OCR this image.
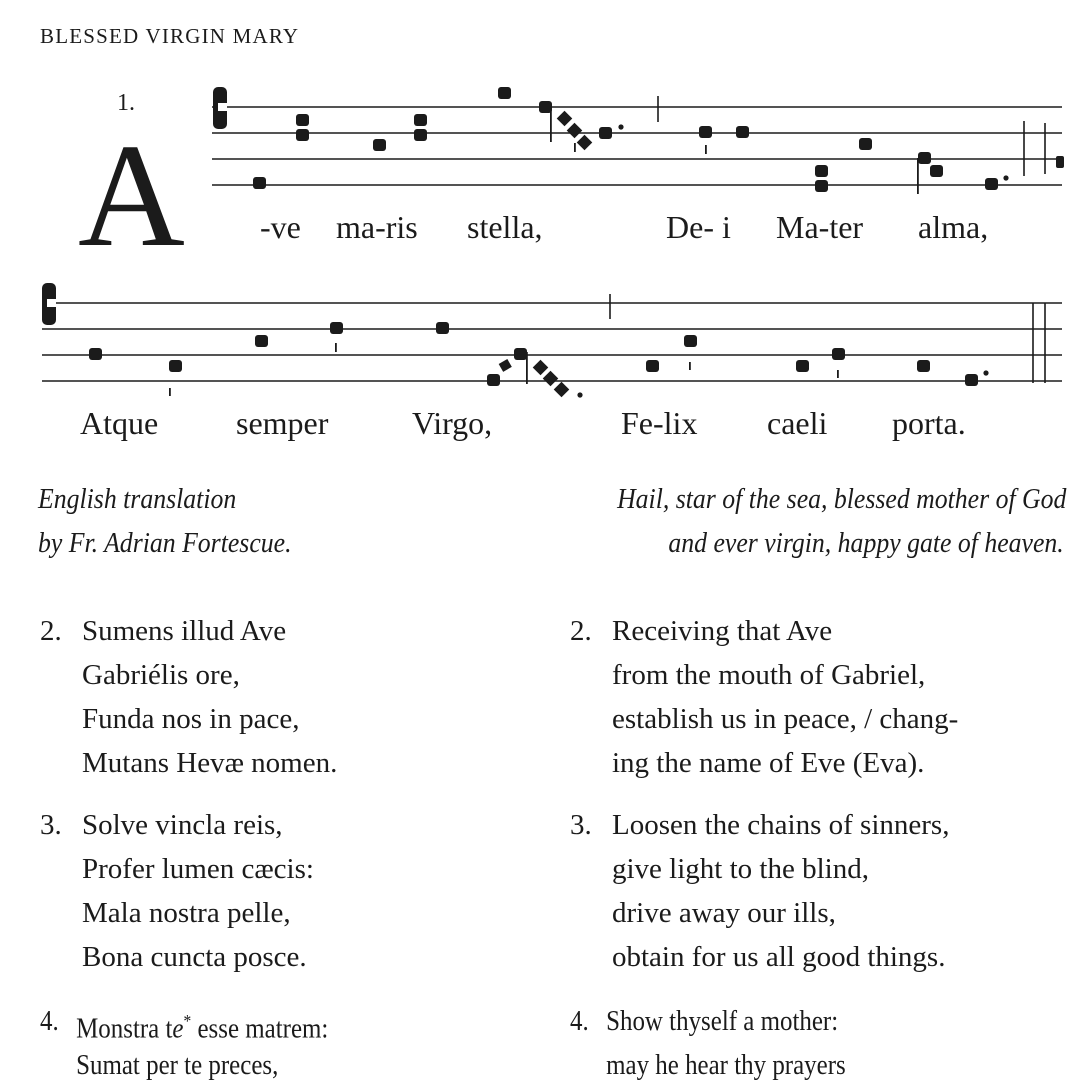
BLESSED VIRGIN MARY
1.
A -ve ma-ris stella,	De- i Ma-ter alma,
Atque semper	Virgo,	Fe-lix caeli porta.
English translation
by Fr. Adrian Fortescue.
Hail, star of the sea, blessed mother of God
and ever virgin, happy gate of heaven.
2. Sumens illud Ave
Gabriélis ore,
Funda nos in pace,
Mutans Hevæ nomen.
2. Receiving that Ave
from the mouth of Gabriel,
establish us in peace, / chang-
ing the name of Eve (Eva).
3. Solve vincla reis,
Profer lumen cæcis:
Mala nostra pelle,
Bona cuncta posce.
3. Loosen the chains of sinners,
give light to the blind,
drive away our ills,
obtain for us all good things.
4. Monstra te* esse matrem:
Sumat per te preces,
4. Show thyself a mother:
may he hear thy prayers
